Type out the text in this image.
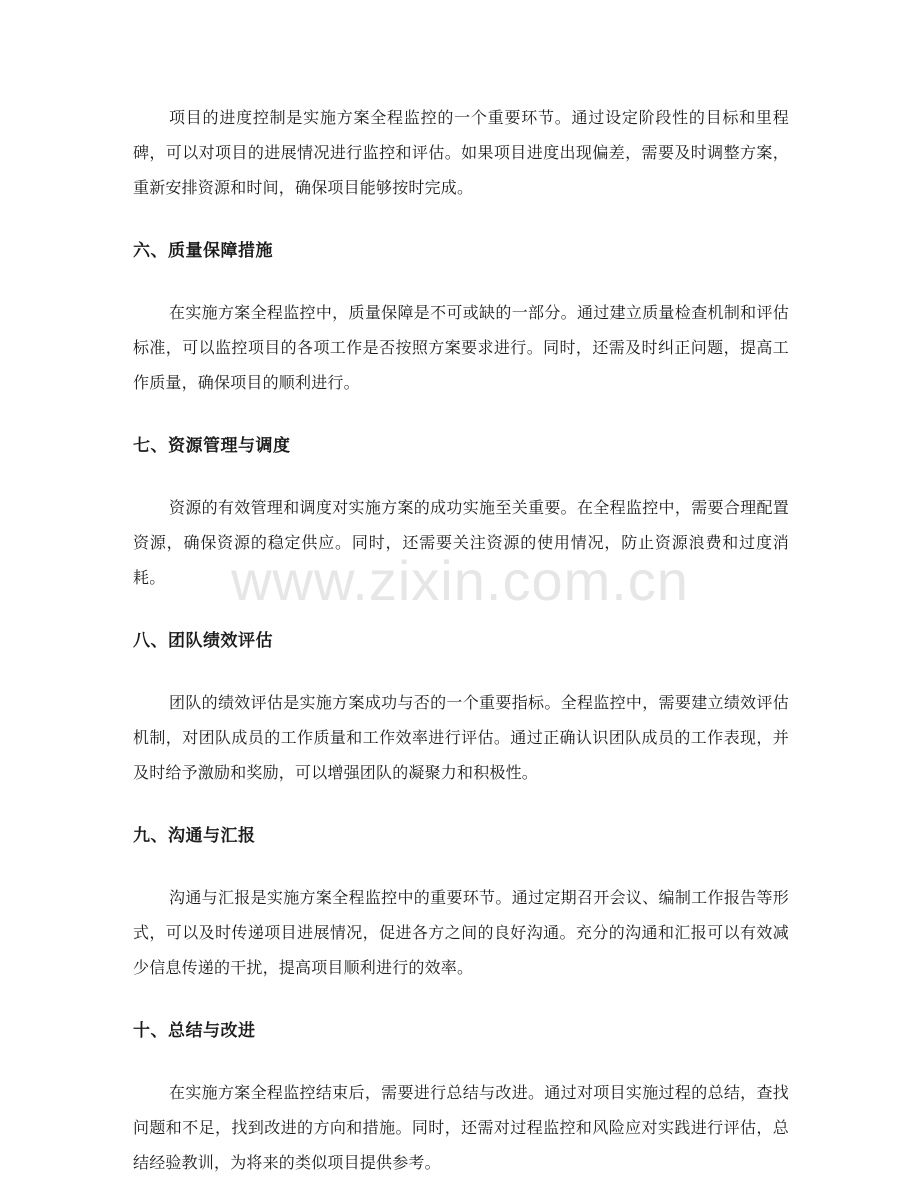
项目的进度控制是实施方案全程监控的一个重要环节。通过设定阶段性的目标和里程碑，可以对项目的进展情况进行监控和评估。如果项目进度出现偏差，需要及时调整方案，重新安排资源和时间，确保项目能够按时完成。

六、质量保障措施

在实施方案全程监控中，质量保障是不可或缺的一部分。通过建立质量检查机制和评估标准，可以监控项目的各项工作是否按照方案要求进行。同时，还需及时纠正问题，提高工作质量，确保项目的顺利进行。

七、资源管理与调度

资源的有效管理和调度对实施方案的成功实施至关重要。在全程监控中，需要合理配置资源，确保资源的稳定供应。同时，还需要关注资源的使用情况，防止资源浪费和过度消耗。

八、团队绩效评估

团队的绩效评估是实施方案成功与否的一个重要指标。全程监控中，需要建立绩效评估机制，对团队成员的工作质量和工作效率进行评估。通过正确认识团队成员的工作表现，并及时给予激励和奖励，可以增强团队的凝聚力和积极性。

九、沟通与汇报

沟通与汇报是实施方案全程监控中的重要环节。通过定期召开会议、编制工作报告等形式，可以及时传递项目进展情况，促进各方之间的良好沟通。充分的沟通和汇报可以有效减少信息传递的干扰，提高项目顺利进行的效率。

十、总结与改进

在实施方案全程监控结束后，需要进行总结与改进。通过对项目实施过程的总结，查找问题和不足，找到改进的方向和措施。同时，还需对过程监控和风险应对实践进行评估，总结经验教训，为将来的类似项目提供参考。

www.zixin.com.cn
